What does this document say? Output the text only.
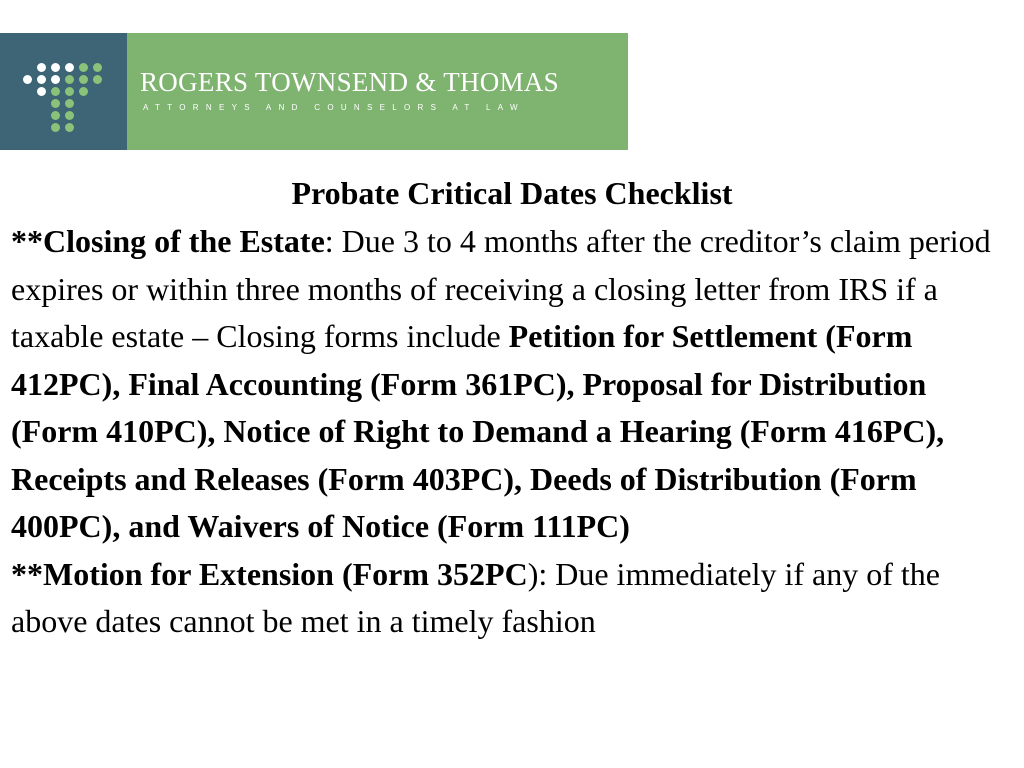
ROGERS TOWNSEND & THOMAS
ATTORNEYS AND COUNSELORS AT LAW
Probate Critical Dates Checklist

**Closing of the Estate: Due 3 to 4 months after the creditor’s claim period expires or within three months of receiving a closing letter from IRS if a taxable estate – Closing forms include Petition for Settlement (Form 412PC), Final Accounting (Form 361PC), Proposal for Distribution (Form 410PC), Notice of Right to Demand a Hearing (Form 416PC), Receipts and Releases (Form 403PC), Deeds of Distribution (Form 400PC), and Waivers of Notice (Form 111PC)

**Motion for Extension (Form 352PC): Due immediately if any of the above dates cannot be met in a timely fashion
